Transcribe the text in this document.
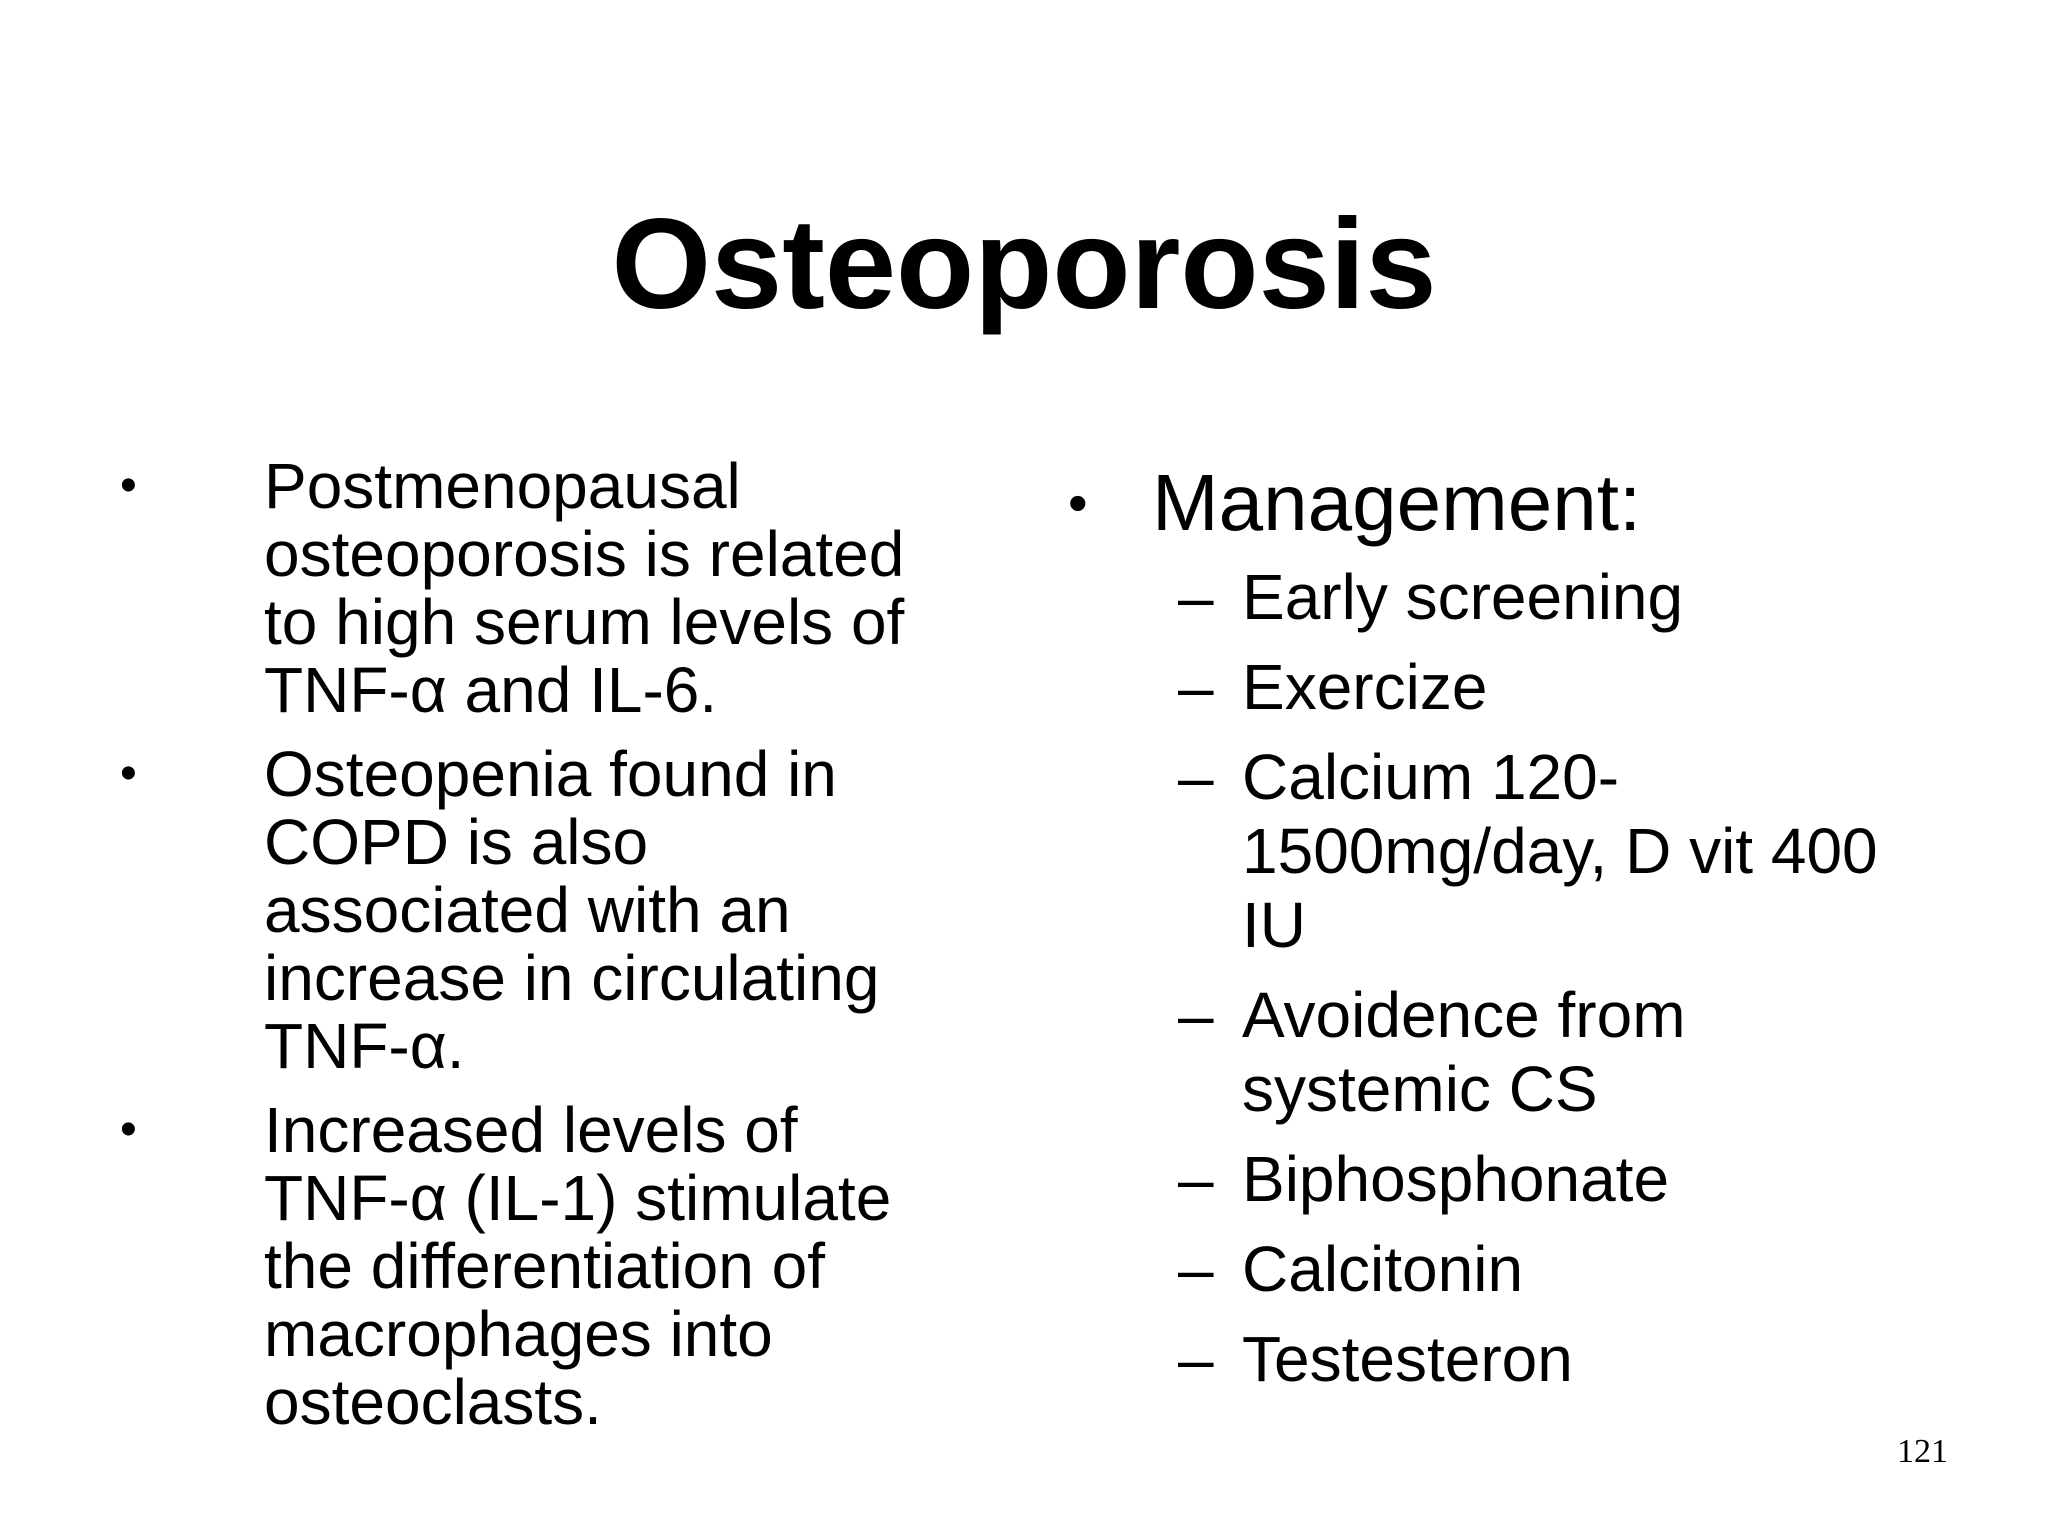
Osteoporosis
•	Postmenopausal
osteoporosis is related
to high serum levels of
TNF-α and IL-6.
•	Osteopenia found in
COPD is also
associated with an
increase in circulating
TNF-α.
•	Increased levels of
TNF-α (IL-1) stimulate
the differentiation of
macrophages into
osteoclasts.
• Management:
– Early screening
– Exercize
– Calcium 120-
1500mg/day, D vit 400
IU
– Avoidence from
systemic CS
– Biphosphonate
– Calcitonin
– Testesteron
121
